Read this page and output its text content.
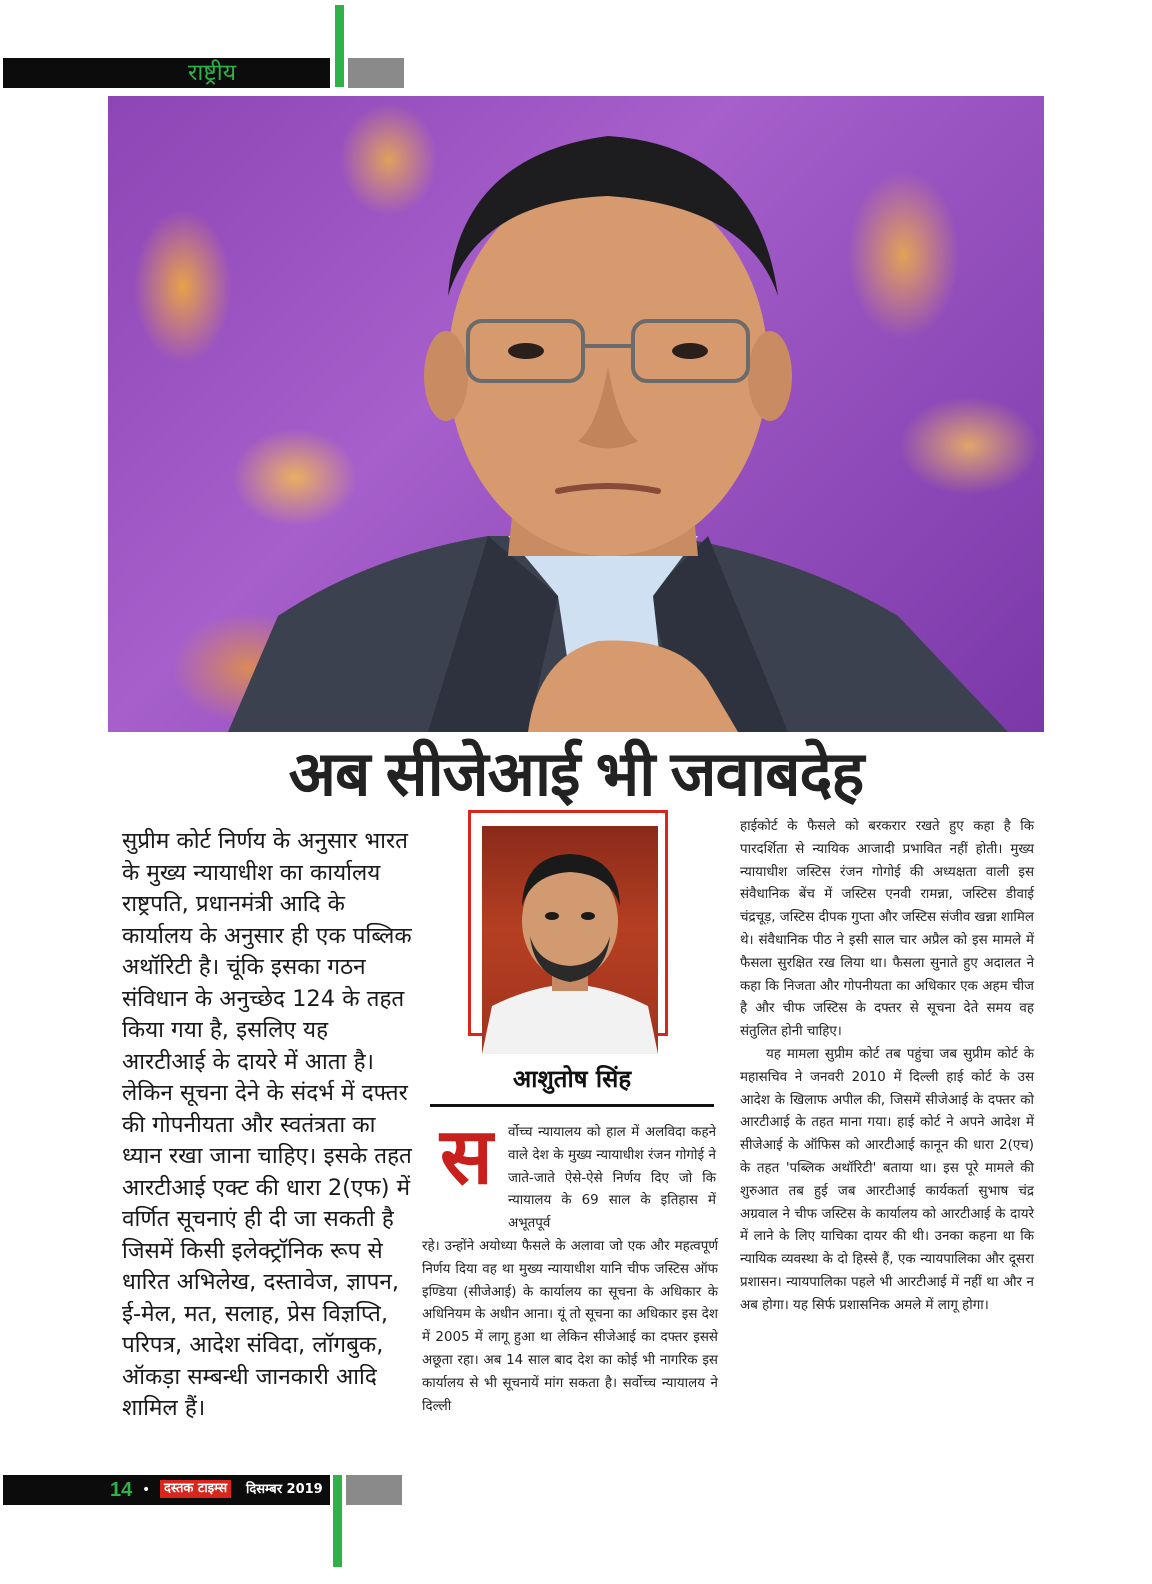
राष्ट्रीय
अब सीजेआई भी जवाबदेह
सुप्रीम कोर्ट निर्णय के अनुसार भारत के मुख्य न्यायाधीश का कार्यालय राष्ट्रपति, प्रधानमंत्री आदि के कार्यालय के अनुसार ही एक पब्लिक अथॉरिटी है। चूंकि इसका गठन संविधान के अनुच्छेद 124 के तहत किया गया है, इसलिए यह आरटीआई के दायरे में आता है। लेकिन सूचना देने के संदर्भ में दफ्तर की गोपनीयता और स्वतंत्रता का ध्यान रखा जाना चाहिए। इसके तहत आरटीआई एक्ट की धारा 2(एफ) में वर्णित सूचनाएं ही दी जा सकती है जिसमें किसी इलेक्ट्रॉनिक रूप से धारित अभिलेख, दस्तावेज, ज्ञापन, ई-मेल, मत, सलाह, प्रेस विज्ञप्ति, परिपत्र, आदेश संविदा, लॉगबुक, ऑकड़ा सम्बन्धी जानकारी आदि शामिल हैं।
आशुतोष सिंह
स र्वोच्च न्यायालय को हाल में अलविदा कहने वाले देश के मुख्य न्यायाधीश रंजन गोगोई ने जाते-जाते ऐसे-ऐसे निर्णय दिए जो कि न्यायालय के 69 साल के इतिहास में अभूतपूर्व
रहे। उन्होंने अयोध्या फैसले के अलावा जो एक और महत्वपूर्ण निर्णय दिया वह था मुख्य न्यायाधीश यानि चीफ जस्टिस ऑफ इण्डिया (सीजेआई) के कार्यालय का सूचना के अधिकार के अधिनियम के अधीन आना। यूं तो सूचना का अधिकार इस देश में 2005 में लागू हुआ था लेकिन सीजेआई का दफ्तर इससे अछूता रहा। अब 14 साल बाद देश का कोई भी नागरिक इस कार्यालय से भी सूचनायें मांग सकता है। सर्वोच्च न्यायालय ने दिल्ली

हाईकोर्ट के फैसले को बरकरार रखते हुए कहा है कि पारदर्शिता से न्यायिक आजादी प्रभावित नहीं होती। मुख्य न्यायाधीश जस्टिस रंजन गोगोई की अध्यक्षता वाली इस संवैधानिक बेंच में जस्टिस एनवी रामन्ना, जस्टिस डीवाई चंद्रचूड़, जस्टिस दीपक गुप्ता और जस्टिस संजीव खन्ना शामिल थे। संवैधानिक पीठ ने इसी साल चार अप्रैल को इस मामले में फैसला सुरक्षित रख लिया था। फैसला सुनाते हुए अदालत ने कहा कि निजता और गोपनीयता का अधिकार एक अहम चीज है और चीफ जस्टिस के दफ्तर से सूचना देते समय वह संतुलित होनी चाहिए।

यह मामला सुप्रीम कोर्ट तब पहुंचा जब सुप्रीम कोर्ट के महासचिव ने जनवरी 2010 में दिल्ली हाई कोर्ट के उस आदेश के खिलाफ अपील की, जिसमें सीजेआई के दफ्तर को आरटीआई के तहत माना गया। हाई कोर्ट ने अपने आदेश में सीजेआई के ऑफिस को आरटीआई कानून की धारा 2(एच) के तहत 'पब्लिक अथॉरिटी' बताया था। इस पूरे मामले की शुरुआत तब हुई जब आरटीआई कार्यकर्ता सुभाष चंद्र अग्रवाल ने चीफ जस्टिस के कार्यालय को आरटीआई के दायरे में लाने के लिए याचिका दायर की थी। उनका कहना था कि न्यायिक व्यवस्था के दो हिस्से हैं, एक न्यायपालिका और दूसरा प्रशासन। न्यायपालिका पहले भी आरटीआई में नहीं था और न अब होगा। यह सिर्फ प्रशासनिक अमले में लागू होगा।

14 •	दस्तक टाइम्स	दिसम्बर 2019
